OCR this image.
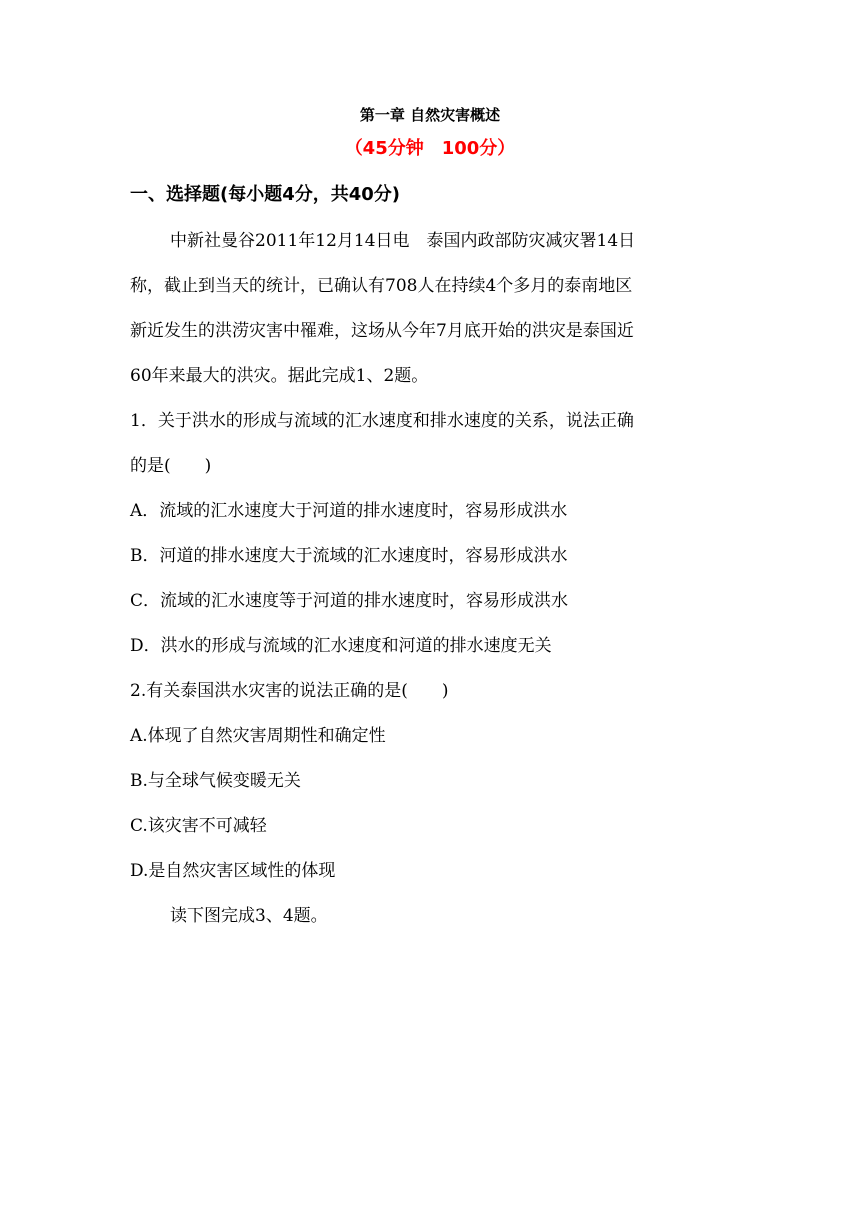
第一章 自然灾害概述
（45分钟　100分）
一、选择题(每小题4分，共40分)
中新社曼谷2011年12月14日电　泰国内政部防灾减灾署14日
称，截止到当天的统计，已确认有708人在持续4个多月的泰南地区
新近发生的洪涝灾害中罹难，这场从今年7月底开始的洪灾是泰国近
60年来最大的洪灾。据此完成1、2题。
1．关于洪水的形成与流域的汇水速度和排水速度的关系，说法正确
的是(　　)
A．流域的汇水速度大于河道的排水速度时，容易形成洪水
B．河道的排水速度大于流域的汇水速度时，容易形成洪水
C．流域的汇水速度等于河道的排水速度时，容易形成洪水
D．洪水的形成与流域的汇水速度和河道的排水速度无关
2.有关泰国洪水灾害的说法正确的是(　　)
A.体现了自然灾害周期性和确定性
B.与全球气候变暖无关
C.该灾害不可减轻
D.是自然灾害区域性的体现
读下图完成3、4题。
